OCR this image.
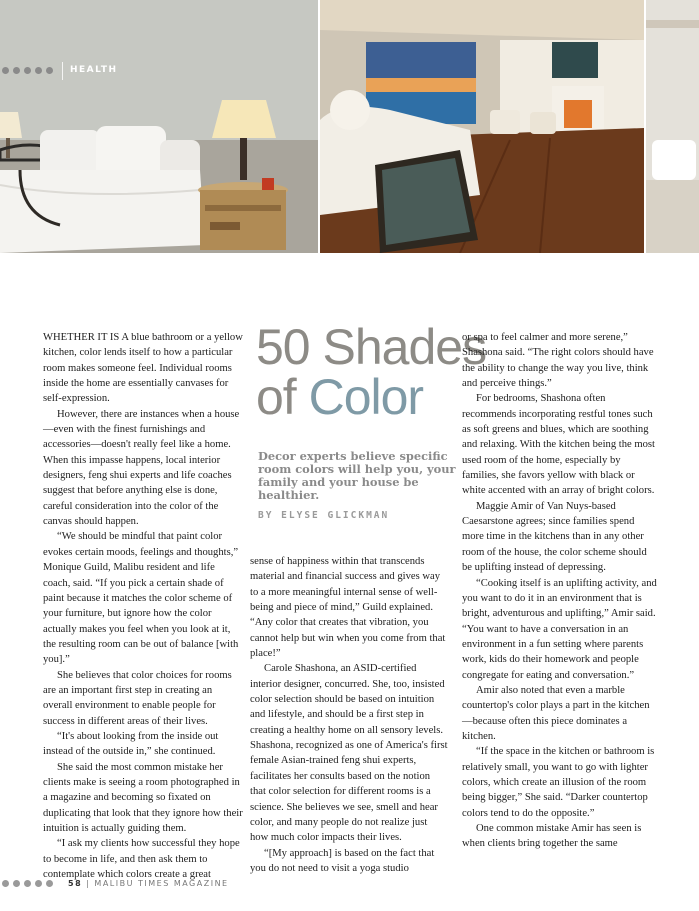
HEALTH
50 Shades
of Color
Decor experts believe specific room colors will help you, your family and your house be healthier.
BY ELYSE GLICKMAN

WHETHER IT IS A blue bathroom or a yellow kitchen, color lends itself to how a particular room makes someone feel. Individual rooms inside the home are essentially canvases for self-expression.

However, there are instances when a house—even with the finest furnishings and accessories—doesn't really feel like a home. When this impasse happens, local interior designers, feng shui experts and life coaches suggest that before anything else is done, careful consideration into the color of the canvas should happen.

“We should be mindful that paint color evokes certain moods, feelings and thoughts,” Monique Guild, Malibu resident and life coach, said. “If you pick a certain shade of paint because it matches the color scheme of your furniture, but ignore how the color actually makes you feel when you look at it, the resulting room can be out of balance [with you].”

She believes that color choices for rooms are an important first step in creating an overall environment to enable people for success in different areas of their lives.

“It's about looking from the inside out instead of the outside in,” she continued.

She said the most common mistake her clients make is seeing a room photographed in a magazine and becoming so fixated on duplicating that look that they ignore how their intuition is actually guiding them.

“I ask my clients how successful they hope to become in life, and then ask them to contemplate which colors create a great

sense of happiness within that transcends material and financial success and gives way to a more meaningful internal sense of well-being and piece of mind,” Guild explained. “Any color that creates that vibration, you cannot help but win when you come from that place!”

Carole Shashona, an ASID-certified interior designer, concurred. She, too, insisted color selection should be based on intuition and lifestyle, and should be a first step in creating a healthy home on all sensory levels. Shashona, recognized as one of America's first female Asian-trained feng shui experts, facilitates her consults based on the notion that color selection for different rooms is a science. She believes we see, smell and hear color, and many people do not realize just how much color impacts their lives.

“[My approach] is based on the fact that you do not need to visit a yoga studio

or spa to feel calmer and more serene,” Shashona said. “The right colors should have the ability to change the way you live, think and perceive things.”

For bedrooms, Shashona often recommends incorporating restful tones such as soft greens and blues, which are soothing and relaxing. With the kitchen being the most used room of the home, especially by families, she favors yellow with black or white accented with an array of bright colors.

Maggie Amir of Van Nuys-based Caesarstone agrees; since families spend more time in the kitchens than in any other room of the house, the color scheme should be uplifting instead of depressing.

“Cooking itself is an uplifting activity, and you want to do it in an environment that is bright, adventurous and uplifting,” Amir said. “You want to have a conversation in an environment in a fun setting where parents work, kids do their homework and people congregate for eating and conversation.”

Amir also noted that even a marble countertop's color plays a part in the kitchen—because often this piece dominates a kitchen.

“If the space in the kitchen or bathroom is relatively small, you want to go with lighter colors, which create an illusion of the room being bigger,” She said. “Darker countertop colors tend to do the opposite.”

One common mistake Amir has seen is when clients bring together the same

58 | MALIBU TIMES MAGAZINE
